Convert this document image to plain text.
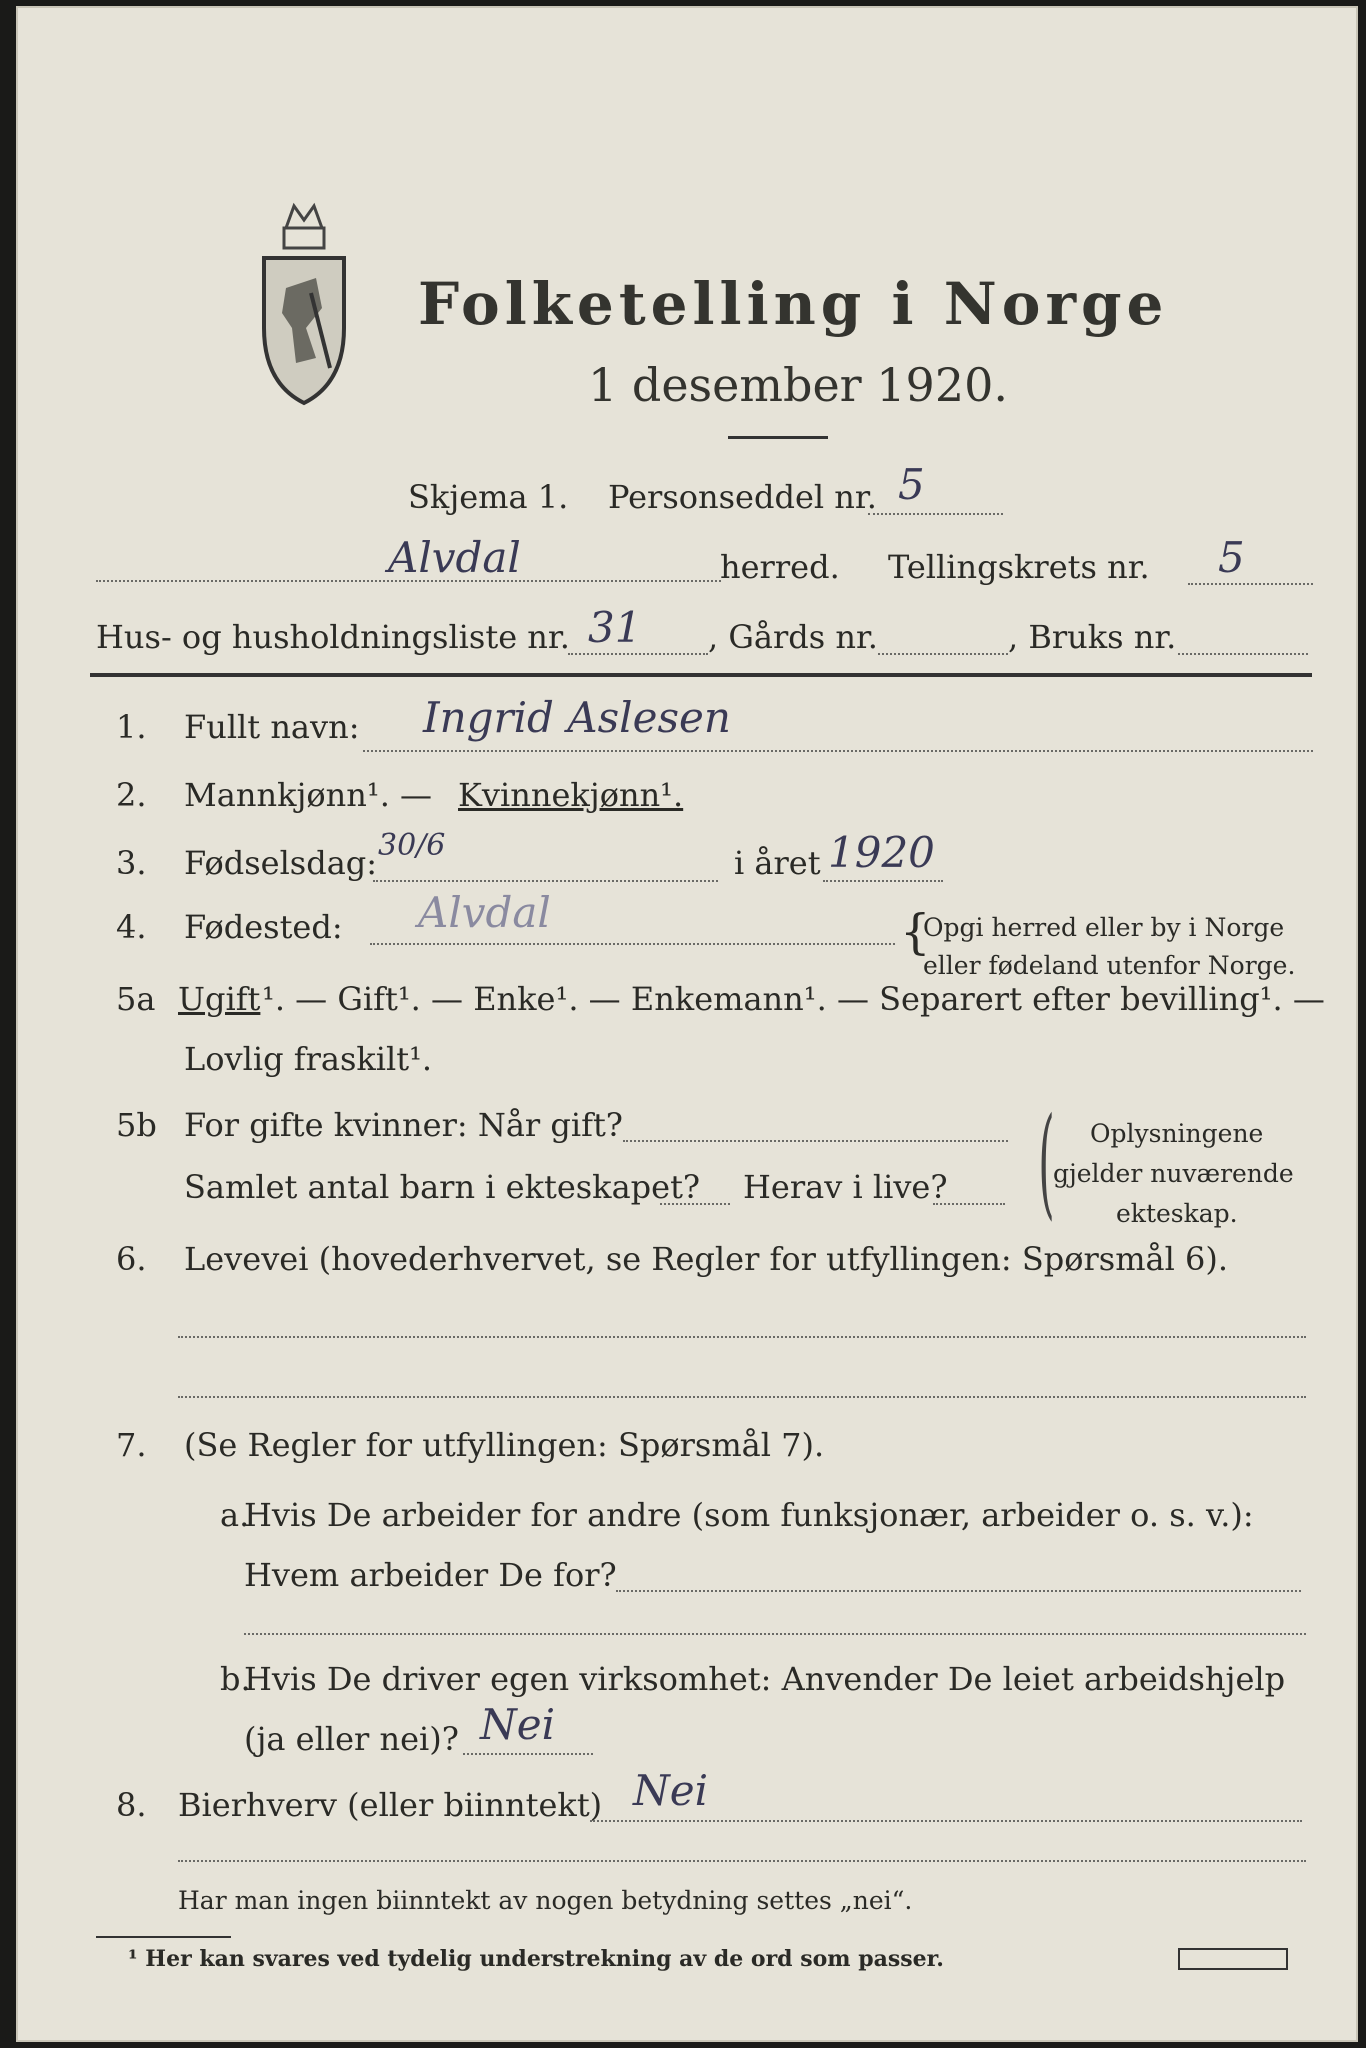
Folketelling i Norge
1 desember 1920.
Skjema 1. Personseddel nr. 5
Alvdal	herred. Tellingskrets nr. 5
Hus- og husholdningsliste nr. 31 , Gårds nr.	, Bruks nr.
1. Fullt navn: Ingrid Aslesen
2. Mannkjønn¹. — Kvinnekjønn¹.
3. Fødselsdag: 30/6	i året 1920
4. Fødested: Alvdal	{
Opgi herred eller by i Norge
eller fødeland utenfor Norge.
5a Ugift ¹. — Gift¹. — Enke¹. — Enkemann¹. — Separert efter bevilling¹. —
Lovlig fraskilt¹.
5b For gifte kvinner: Når gift?
Samlet antal barn i ekteskapet? Herav i live? ( Oplysningene
gjelder nuværende
ekteskap.
6. Levevei (hovederhvervet, se Regler for utfyllingen: Spørsmål 6).
7. (Se Regler for utfyllingen: Spørsmål 7).
a.
Hvis De arbeider for andre (som funksjonær, arbeider o. s. v.):
Hvem arbeider De for?
b.
Hvis De driver egen virksomhet: Anvender De leiet arbeidshjelp
(ja eller nei)? Nei
8. Bierhverv (eller biinntekt) Nei
Har man ingen biinntekt av nogen betydning settes „nei“.
¹ Her kan svares ved tydelig understrekning av de ord som passer.
